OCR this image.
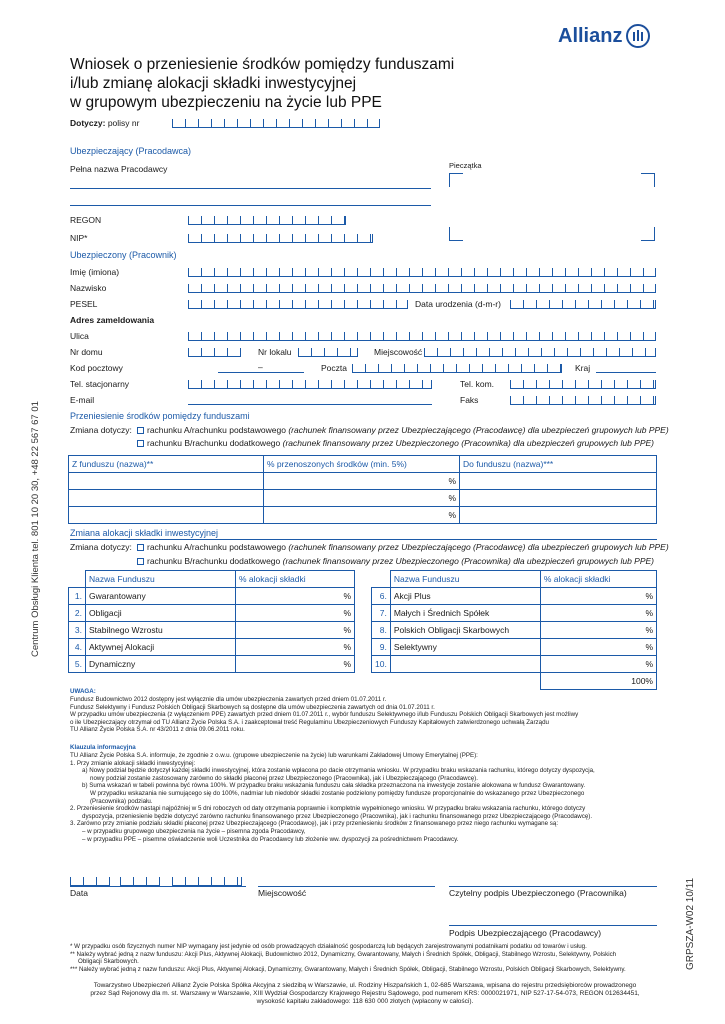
Allianz
Wniosek o przeniesienie środków pomiędzy funduszami
i/lub zmianę alokacji składki inwestycyjnej
w grupowym ubezpieczeniu na życie lub PPE
Dotyczy: polisy nr
Ubezpieczający (Pracodawca)
Pełna nazwa Pracodawcy	Pieczątka
REGON
NIP*
Ubezpieczony (Pracownik)
Imię (imiona)
Nazwisko
PESEL	Data urodzenia (d-m-r)
Adres zameldowania
Ulica
Nr domu	Nr lokalu	Miejscowość
Kod pocztowy	–	Poczta	Kraj
Tel. stacjonarny	Tel. kom.
E-mail	Faks
Przeniesienie środków pomiędzy funduszami
Zmiana dotyczy:	rachunku A/rachunku podstawowego (rachunek finansowany przez Ubezpieczającego (Pracodawcę) dla ubezpieczeń grupowych lub PPE)
rachunku B/rachunku dodatkowego (rachunek finansowany przez Ubezpieczonego (Pracownika) dla ubezpieczeń grupowych lub PPE)
Z funduszu (nazwa)**	% przenoszonych środków (min. 5%)	Do funduszu (nazwa)***
	%	
	%	
	%	
Zmiana alokacji składki inwestycyjnej
Zmiana dotyczy:	rachunku A/rachunku podstawowego (rachunek finansowany przez Ubezpieczającego (Pracodawcę) dla ubezpieczeń grupowych lub PPE)
rachunku B/rachunku dodatkowego (rachunek finansowany przez Ubezpieczonego (Pracownika) dla ubezpieczeń grupowych lub PPE)
	Nazwa Funduszu	% alokacji składki
1.	Gwarantowany	%
2.	Obligacji	%
3.	Stabilnego Wzrostu	%
4.	Aktywnej Alokacji	%
5.	Dynamiczny	%
	Nazwa Funduszu	% alokacji składki
6.	Akcji Plus	%
7.	Małych i Średnich Spółek	%
8.	Polskich Obligacji Skarbowych	%
9.	Selektywny	%
10.		%
		100%
UWAGA:
Fundusz Budownictwo 2012 dostępny jest wyłącznie dla umów ubezpieczenia zawartych przed dniem 01.07.2011 r.
Fundusz Selektywny i Fundusz Polskich Obligacji Skarbowych są dostępne dla umów ubezpieczenia zawartych od dnia 01.07.2011 r.
W przypadku umów ubezpieczenia (z wyłączeniem PPE) zawartych przed dniem 01.07.2011 r., wybór funduszu Selektywnego i/lub Funduszu Polskich Obligacji Skarbowych jest możliwy
o ile Ubezpieczający otrzymał od TU Allianz Życie Polska S.A. i zaakceptował treść Regulaminu Ubezpieczeniowych Funduszy Kapitałowych zatwierdzonego uchwałą Zarządu
TU Allianz Życie Polska S.A. nr 43/2011 z dnia 09.06.2011 roku.
Klauzula informacyjna
TU Allianz Życie Polska S.A. informuje, że zgodnie z o.w.u. (grupowe ubezpieczenie na życie) lub warunkami Zakładowej Umowy Emerytalnej (PPE):
1. Przy zmianie alokacji składki inwestycyjnej:
a) Nowy podział będzie dotyczył każdej składki inwestycyjnej, która zostanie wpłacona po dacie otrzymania wniosku. W przypadku braku wskazania rachunku, którego dotyczy dyspozycja,
nowy podział zostanie zastosowany zarówno do składki płaconej przez Ubezpieczonego (Pracownika), jak i Ubezpieczającego (Pracodawcę).
b) Suma wskazań w tabeli powinna być równa 100%. W przypadku braku wskazania funduszu cała składka przeznaczona na inwestycje zostanie alokowana w fundusz Gwarantowany.
W przypadku wskazania nie sumującego się do 100%, nadmiar lub niedobór składki zostanie podzielony pomiędzy fundusze proporcjonalnie do wskazanego przez Ubezpieczonego
(Pracownika) podziału.
2. Przeniesienie środków nastąpi najpóźniej w 5 dni roboczych od daty otrzymania poprawnie i kompletnie wypełnionego wniosku. W przypadku braku wskazania rachunku, którego dotyczy
dyspozycja, przeniesienie będzie dotyczyć zarówno rachunku finansowanego przez Ubezpieczonego (Pracownika), jak i rachunku finansowanego przez Ubezpieczającego (Pracodawcę).
3. Zarówno przy zmianie podziału składki płaconej przez Ubezpieczającego (Pracodawcę), jak i przy przeniesieniu środków z finansowanego przez niego rachunku wymagane są:
– w przypadku grupowego ubezpieczenia na życie – pisemna zgoda Pracodawcy,
– w przypadku PPE – pisemne oświadczenie woli Uczestnika do Pracodawcy lub złożenie ww. dyspozycji za pośrednictwem Pracodawcy.
Data	Miejscowość	Czytelny podpis Ubezpieczonego (Pracownika)
Podpis Ubezpieczającego (Pracodawcy)
* W przypadku osób fizycznych numer NIP wymagany jest jedynie od osób prowadzących działalność gospodarczą lub będących zarejestrowanymi podatnikami podatku od towarów i usług.
** Należy wybrać jedną z nazw funduszu: Akcji Plus, Aktywnej Alokacji, Budownictwo 2012, Dynamiczny, Gwarantowany, Małych i Średnich Spółek, Obligacji, Stabilnego Wzrostu, Selektywny, Polskich
Obligacji Skarbowych.
*** Należy wybrać jedną z nazw funduszu: Akcji Plus, Aktywnej Alokacji, Dynamiczny, Gwarantowany, Małych i Średnich Spółek, Obligacji, Stabilnego Wzrostu, Polskich Obligacji Skarbowych, Selektywny.
Towarzystwo Ubezpieczeń Allianz Życie Polska Spółka Akcyjna z siedzibą w Warszawie, ul. Rodziny Hiszpańskich 1, 02-685 Warszawa, wpisana do rejestru przedsiębiorców prowadzonego
przez Sąd Rejonowy dla m. st. Warszawy w Warszawie, XIII Wydział Gospodarczy Krajowego Rejestru Sądowego, pod numerem KRS: 0000021971, NIP 527-17-54-073, REGON 012634451,
wysokość kapitału zakładowego: 118 630 000 złotych (wpłacony w całości).
Centrum Obsługi Klienta tel. 801 10 20 30, +48 22 567 67 01
GRPSZA-W02 10/11
